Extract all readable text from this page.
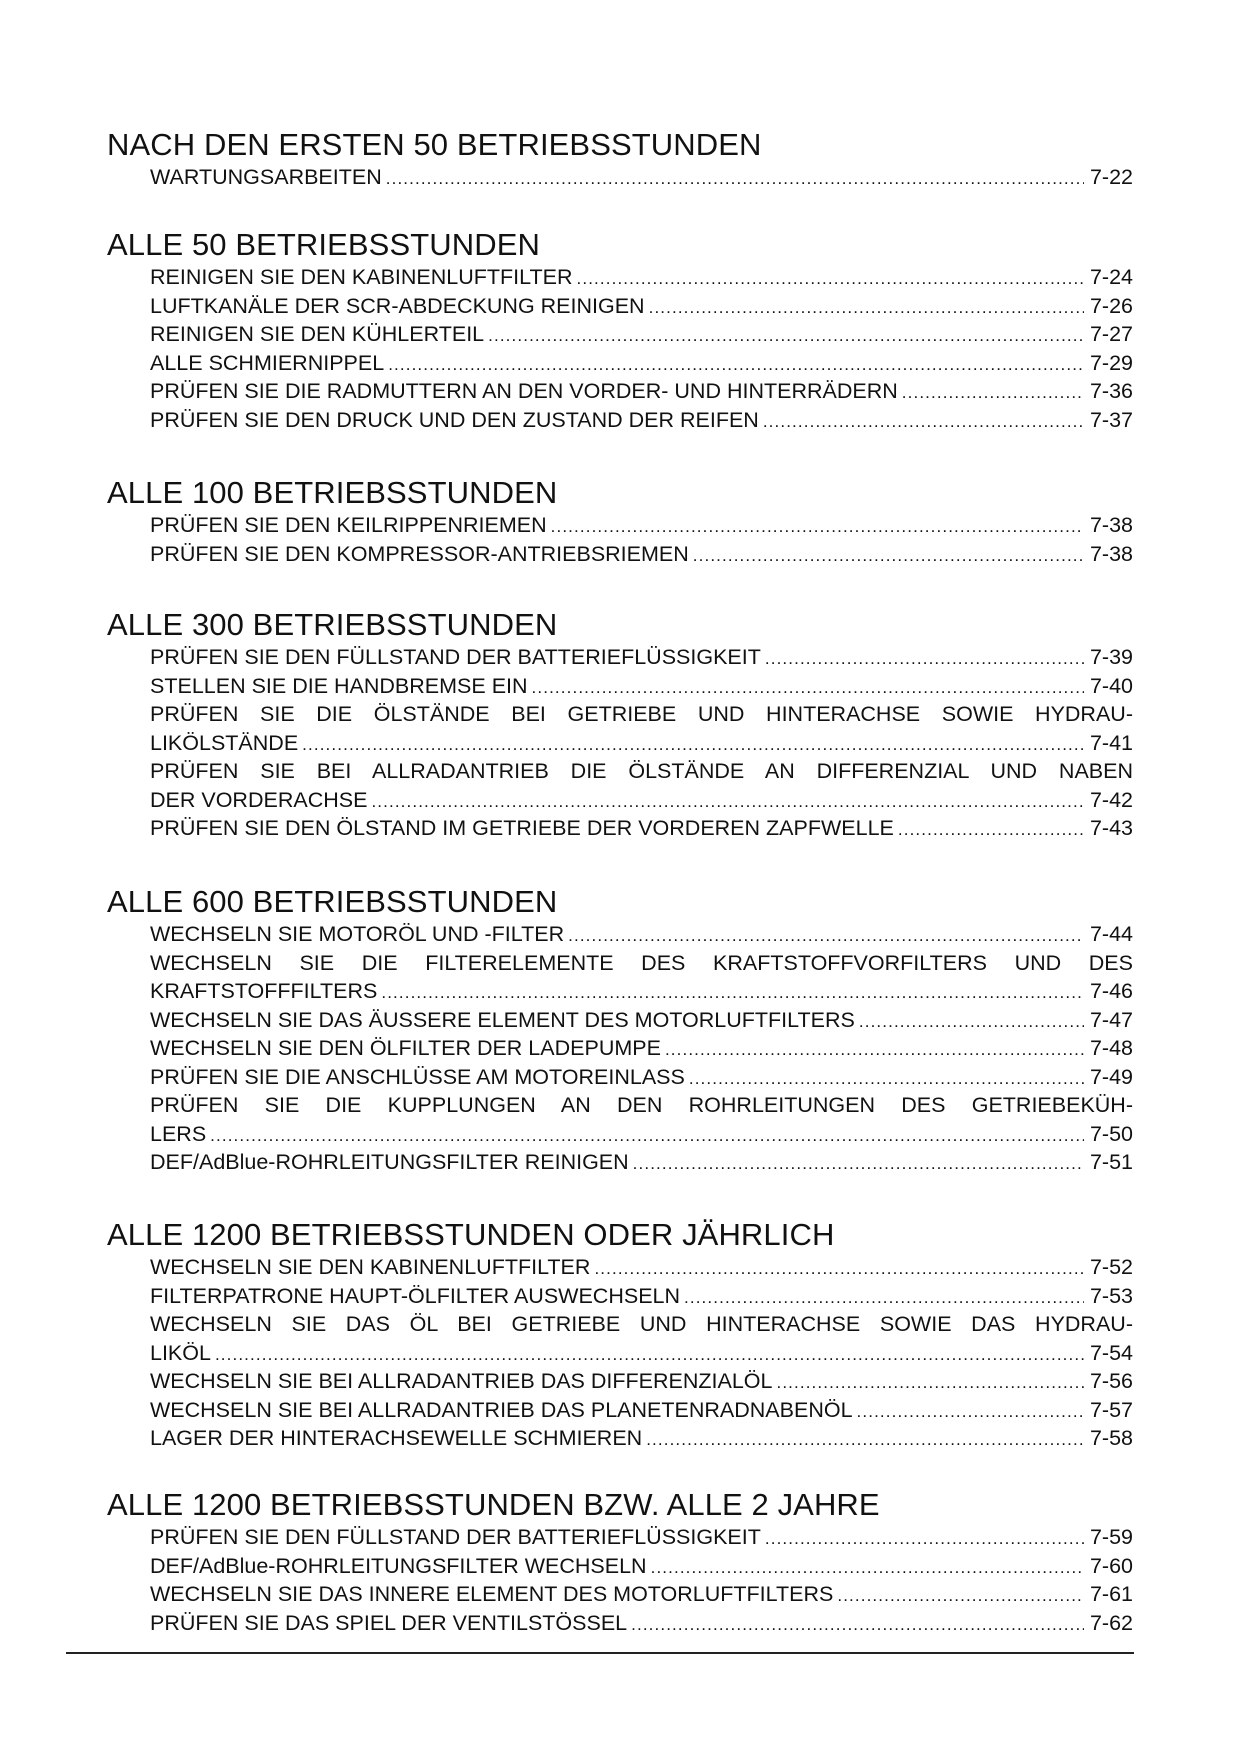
NACH DEN ERSTEN 50 BETRIEBSSTUNDEN
WARTUNGSARBEITEN . . .	7-22
ALLE 50 BETRIEBSSTUNDEN
REINIGEN SIE DEN KABINENLUFTFILTER . . .	7-24
LUFTKANÄLE DER SCR-ABDECKUNG REINIGEN . . .	7-26
REINIGEN SIE DEN KÜHLERTEIL . . .	7-27
ALLE SCHMIERNIPPEL . . .	7-29
PRÜFEN SIE DIE RADMUTTERN AN DEN VORDER- UND HINTERRÄDERN . . .	7-36
PRÜFEN SIE DEN DRUCK UND DEN ZUSTAND DER REIFEN . . .	7-37
ALLE 100 BETRIEBSSTUNDEN
PRÜFEN SIE DEN KEILRIPPENRIEMEN . . .	7-38
PRÜFEN SIE DEN KOMPRESSOR-ANTRIEBSRIEMEN . . .	7-38
ALLE 300 BETRIEBSSTUNDEN
PRÜFEN SIE DEN FÜLLSTAND DER BATTERIEFLÜSSIGKEIT . . .	7-39
STELLEN SIE DIE HANDBREMSE EIN . . .	7-40
PRÜFEN SIE DIE ÖLSTÄNDE BEI GETRIEBE UND HINTERACHSE SOWIE HYDRAU-
LIKÖLSTÄNDE . . .	7-41
PRÜFEN SIE BEI ALLRADANTRIEB DIE ÖLSTÄNDE AN DIFFERENZIAL UND NABEN
DER VORDERACHSE . . .	7-42
PRÜFEN SIE DEN ÖLSTAND IM GETRIEBE DER VORDEREN ZAPFWELLE . . .	7-43
ALLE 600 BETRIEBSSTUNDEN
WECHSELN SIE MOTORÖL UND -FILTER . . .	7-44
WECHSELN SIE DIE FILTERELEMENTE DES KRAFTSTOFFVORFILTERS UND DES
KRAFTSTOFFFILTERS . . .	7-46
WECHSELN SIE DAS ÄUSSERE ELEMENT DES MOTORLUFTFILTERS . . .	7-47
WECHSELN SIE DEN ÖLFILTER DER LADEPUMPE . . .	7-48
PRÜFEN SIE DIE ANSCHLÜSSE AM MOTOREINLASS . . .	7-49
PRÜFEN SIE DIE KUPPLUNGEN AN DEN ROHRLEITUNGEN DES GETRIEBEKÜH-
LERS . . .	7-50
DEF/AdBlue-ROHRLEITUNGSFILTER REINIGEN . . .	7-51
ALLE 1200 BETRIEBSSTUNDEN ODER JÄHRLICH
WECHSELN SIE DEN KABINENLUFTFILTER . . .	7-52
FILTERPATRONE HAUPT-ÖLFILTER AUSWECHSELN . . .	7-53
WECHSELN SIE DAS ÖL BEI GETRIEBE UND HINTERACHSE SOWIE DAS HYDRAU-
LIKÖL . . .	7-54
WECHSELN SIE BEI ALLRADANTRIEB DAS DIFFERENZIALÖL . . .	7-56
WECHSELN SIE BEI ALLRADANTRIEB DAS PLANETENRADNABENÖL . . .	7-57
LAGER DER HINTERACHSEWELLE SCHMIEREN . . .	7-58
ALLE 1200 BETRIEBSSTUNDEN BZW. ALLE 2 JAHRE
PRÜFEN SIE DEN FÜLLSTAND DER BATTERIEFLÜSSIGKEIT . . .	7-59
DEF/AdBlue-ROHRLEITUNGSFILTER WECHSELN . . .	7-60
WECHSELN SIE DAS INNERE ELEMENT DES MOTORLUFTFILTERS . . .	7-61
PRÜFEN SIE DAS SPIEL DER VENTILSTÖSSEL . . .	7-62
